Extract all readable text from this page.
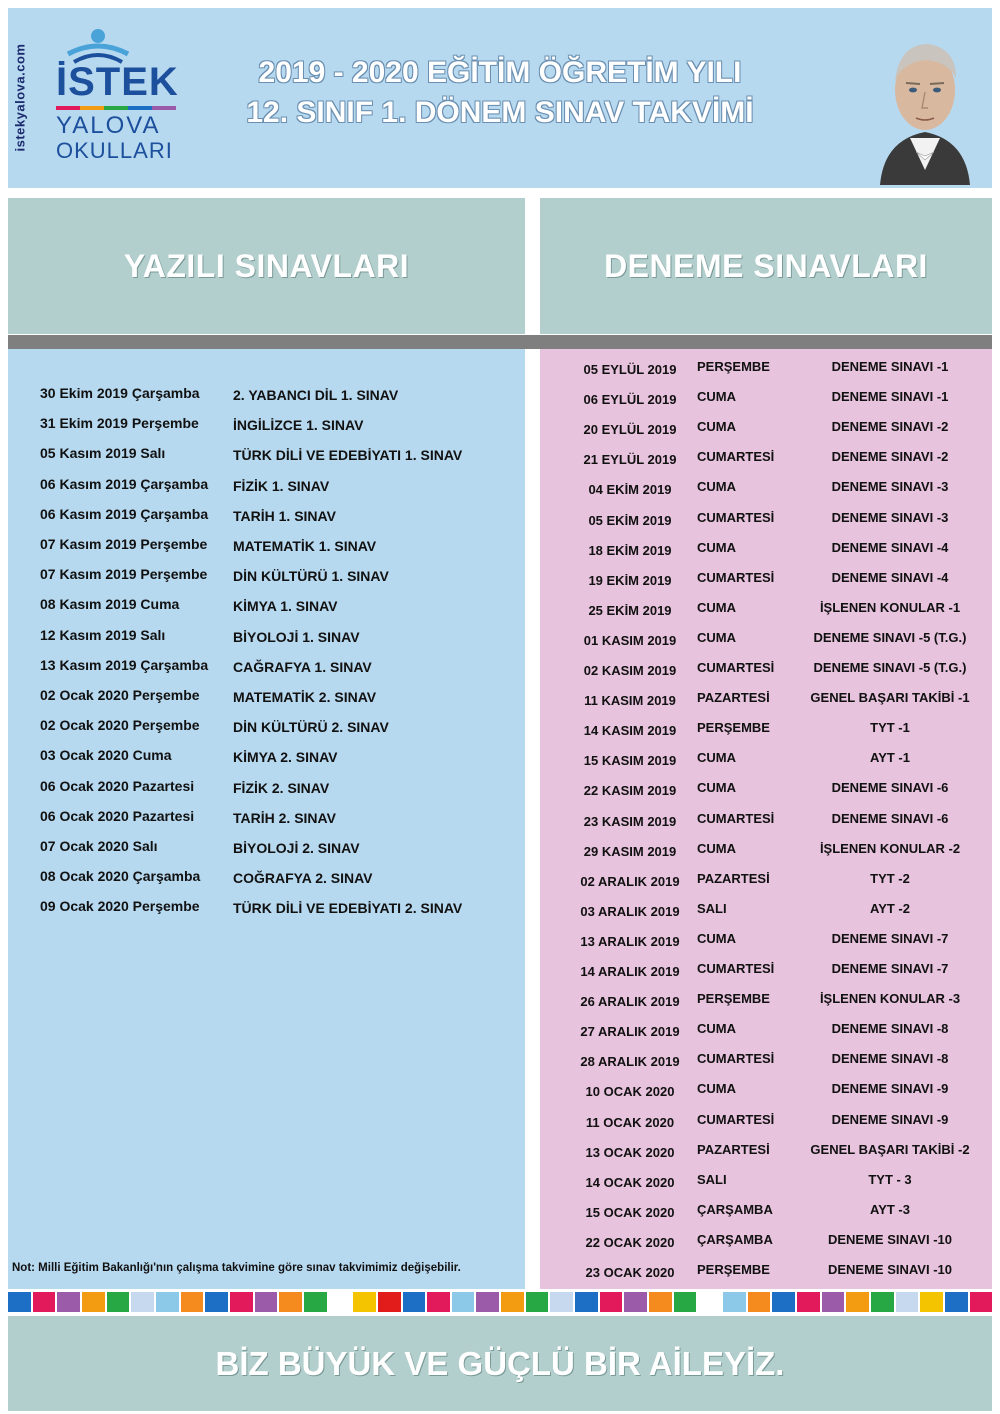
istekyalova.com İSTEK
YALOVA
OKULLARI
2019 - 2020 EĞİTİM ÖĞRETİM YILI
12. SINIF 1. DÖNEM SINAV TAKVİMİ
YAZILI SINAVLARI	DENEME SINAVLARI
30 Ekim 2019 Çarşamba 2. YABANCI DİL 1. SINAV
31 Ekim 2019 Perşembe İNGİLİZCE 1. SINAV
05 Kasım 2019 Salı	TÜRK DİLİ VE EDEBİYATI 1. SINAV
06 Kasım 2019 Çarşamba FİZİK 1. SINAV
06 Kasım 2019 Çarşamba TARİH 1. SINAV
07 Kasım 2019 Perşembe MATEMATİK 1. SINAV
07 Kasım 2019 Perşembe DİN KÜLTÜRÜ 1. SINAV
08 Kasım 2019 Cuma	KİMYA 1. SINAV
12 Kasım 2019 Salı	BİYOLOJİ 1. SINAV
13 Kasım 2019 Çarşamba CAĞRAFYA 1. SINAV
02 Ocak 2020 Perşembe MATEMATİK 2. SINAV
02 Ocak 2020 Perşembe DİN KÜLTÜRÜ 2. SINAV
03 Ocak 2020 Cuma	KİMYA 2. SINAV
06 Ocak 2020 Pazartesi	FİZİK 2. SINAV
06 Ocak 2020 Pazartesi	TARİH 2. SINAV
07 Ocak 2020 Salı	BİYOLOJİ 2. SINAV
08 Ocak 2020 Çarşamba COĞRAFYA 2. SINAV
09 Ocak 2020 Perşembe TÜRK DİLİ VE EDEBİYATI 2. SINAV
05 EYLÜL 2019	PERŞEMBE	DENEME SINAVI -1
06 EYLÜL 2019	CUMA	DENEME SINAVI -1
20 EYLÜL 2019	CUMA	DENEME SINAVI -2
21 EYLÜL 2019	CUMARTESİ	DENEME SINAVI -2
04 EKİM 2019	CUMA	DENEME SINAVI -3
05 EKİM 2019	CUMARTESİ	DENEME SINAVI -3
18 EKİM 2019	CUMA	DENEME SINAVI -4
19 EKİM 2019	CUMARTESİ	DENEME SINAVI -4
25 EKİM 2019	CUMA	İŞLENEN KONULAR -1
01 KASIM 2019	CUMA	DENEME SINAVI -5 (T.G.)
02 KASIM 2019	CUMARTESİ	DENEME SINAVI -5 (T.G.)
11 KASIM 2019	PAZARTESİ	GENEL BAŞARI TAKİBİ -1
14 KASIM 2019	PERŞEMBE	TYT -1
15 KASIM 2019	CUMA	AYT -1
22 KASIM 2019	CUMA	DENEME SINAVI -6
23 KASIM 2019	CUMARTESİ	DENEME SINAVI -6
29 KASIM 2019	CUMA	İŞLENEN KONULAR -2
02 ARALIK 2019	PAZARTESİ	TYT -2
03 ARALIK 2019	SALI	AYT -2
13 ARALIK 2019	CUMA	DENEME SINAVI -7
14 ARALIK 2019	CUMARTESİ	DENEME SINAVI -7
26 ARALIK 2019	PERŞEMBE	İŞLENEN KONULAR -3
27 ARALIK 2019	CUMA	DENEME SINAVI -8
28 ARALIK 2019	CUMARTESİ	DENEME SINAVI -8
10 OCAK 2020	CUMA	DENEME SINAVI -9
11 OCAK 2020	CUMARTESİ	DENEME SINAVI -9
13 OCAK 2020	PAZARTESİ	GENEL BAŞARI TAKİBİ -2
14 OCAK 2020	SALI	TYT - 3
15 OCAK 2020	ÇARŞAMBA	AYT -3
22 OCAK 2020	ÇARŞAMBA	DENEME SINAVI -10
23 OCAK 2020	PERŞEMBE	DENEME SINAVI -10
Not: Milli Eğitim Bakanlığı'nın çalışma takvimine göre sınav takvimimiz değişebilir.
BİZ BÜYÜK VE GÜÇLÜ BİR AİLEYİZ.
